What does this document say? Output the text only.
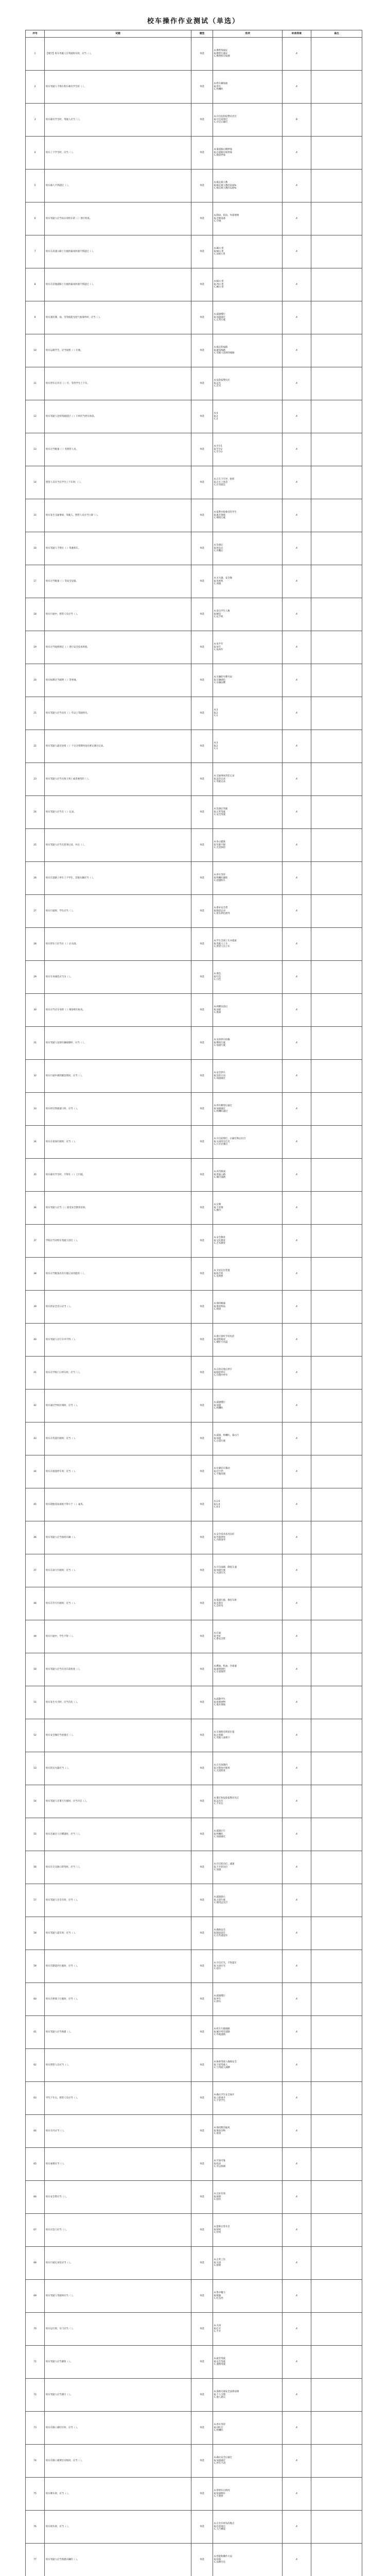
校车操作作业测试（单选）
序号	试题	题型	选项	标准答案	备注
1	【填空】校车驾驶人在驾驶校车时，应当（ ）。	单选	A.携带驾驶证
B.携带行驶证
C.携带校车标牌	A	
2	校车驾驶人不得在校车载有学生时（ ）。	单选	A.给车辆加油
B.停车
C.鸣喇叭	A	
3	校车载有学生时，驾驶人应当（ ）。	单选	A.开启危险报警闪光灯
B.开启前照灯
C.开启示廓灯	B	
4	校车上下学生时，应当（ ）。	单选	A.靠道路右侧停靠
B.在道路中间停靠
C.随意停靠	A	
5	校车载人不得超过（ ）。	单选	A.核定载人数
B.核定载人数的110%
C.核定载人数的120%	A	
6	校车驾驶人应当每日对校车的（ ）进行检查。	单选	A.制动、转向、外部照明
B.音响设备
C.空调	A	
7	校车在高速公路上行驶的最高时速不得超过（ ）。	单选	A.80公里
B.90公里
C.100公里	A	
8	校车在其他道路上行驶的最高时速不得超过（ ）。	单选	A.60公里
B.70公里
C.80公里	A	
9	校车遇有雾、雨、雪等低能见度气象条件时，应当（ ）。	单选	A.减速慢行
B.加速通过
C.正常行驶	A	
10	校车运载学生，应当按照（ ）行驶。	单选	A.核定的线路
B.最短线路
C.驾驶人选择的线路	A	
11	校车停车后开启（ ）灯，等待学生上下车。	单选	A.危险报警闪光
B.远光
C.近光	A	
12	校车驾驶人连续驾驶超过（ ）小时应当停车休息。	单选	A.4
B.3
C.2	A	
13	校车应当配备（ ）名照管人员。	单选	A.至少1
B.至少2
C.至少3	A	
14	照管人员应当在学生上下车时，（ ）。	单选	A.在车下引导、指挥
B.在车上休息
C.在驾驶室	A	
15	校车发生交通事故，驾驶人、照管人员应当立即（ ）。	单选	A.报警并抢救受伤学生
B.离开现场
C.继续行驶	A	
16	校车驾驶人不得在（ ）驾驶校车。	单选	A.饮酒后
B.休息后
C.用餐后	A	
17	校车应当配备（ ）等安全设备。	单选	A.灭火器、安全锤
B.电视机
C.冰箱	A	
18	校车行驶中，照管人员应当（ ）。	单选	A.清点学生人数
B.睡觉
C.玩手机	A	
19	校车应当按照规定（ ）进行安全技术检验。	单选	A.每半年
B.每年
C.每两年	A	
20	校车标牌应当载明（ ）等事项。	单选	A.车辆的号牌号码
B.车辆颜色
C.车辆品牌	A	
21	校车驾驶人应当具有（ ）年以上驾驶经历。	单选	A.3
B.2
C.1	A	
22	校车驾驶人最近连续（ ）个记分周期内没有被记满分记录。	单选	A.3
B.2
C.1	A	
23	校车驾驶人应当无致人死亡或者重伤的（ ）。	单选	A.交通事故责任记录
B.违章记录
C.驾驶记录	A	
24	校车驾驶人应当无（ ）记录。	单选	A.饮酒后驾驶
B.正常驾驶
C.安全驾驶	A	
25	校车驾驶人应当无犯罪记录，并且（ ）。	单选	A.身心健康
B.年龄不限
C.无需体检	A	
26	校车在道路上停车上下学生，其他车辆应当（ ）。	单选	A.停车等待
B.鸣喇叭催促
C.超越校车	A	
27	校车行驶时，学生应当（ ）。	单选	A.系好安全带
B.随意走动
C.将头伸出窗外	A	
28	校车的车门应当在（ ）后关闭。	单选	A.学生全部上车并就座
B.驾驶人上车
C.照管人员上车	A	
29	校车车身颜色应当为（ ）。	单选	A.黄色
B.红色
C.白色	A	
30	校车应当在车身的（ ）喷涂校车标识。	单选	A.两侧及前后
B.顶部
C.底部	A	
31	校车驾驶人发现车辆故障时，应当（ ）。	单选	A.及时停车检修
B.继续行驶
C.加速行驶	A	
32	校车行驶中遇到紧急情况，应当（ ）。	单选	A.安全停车
B.急转方向
C.加速通过	A	
33	校车经过铁路道口时，应当（ ）。	单选	A.停车瞭望后通过
B.加速通过
C.鸣喇叭通过	A	
34	校车在夜间行驶时，应当（ ）。	单选	A.开启前照灯、示廓灯和后位灯
B.关闭所有灯光
C.只开启雾灯	A	
35	校车载有学生时，不得在（ ）上行驶。	单选	A.冰雪路面
B.普通公路
C.城市道路	A	
36	校车驾驶人应当（ ）接受安全教育培训。	单选	A.定期
B.不需要
C.偶尔	A	
37	学校应当对校车驾驶人进行（ ）。	单选	A.安全教育
B.文化教育
C.艺术教育	A	
38	校车应当配备具有行驶记录功能的（ ）。	单选	A.卫星定位装置
B.收音机
C.电视机	A	
39	校车的安全出口应当（ ）。	单选	A.保持畅通
B.堆放物品
C.锁闭	A	
40	校车驾驶人在行车中不得（ ）。	单选	A.拨打接听手持电话
B.观察路况
C.握好方向盘	A	
41	校车在学校门口停车时，应当（ ）。	单选	A.在指定地点停车
B.随意停车
C.在路中停车	A	
42	校车通过学校区域时，应当（ ）。	单选	A.减速慢行
B.加速
C.鸣喇叭	A	
43	校车在弯道行驶时，应当（ ）。	单选	A.减速、鸣喇叭、靠右行
B.加速
C.占道行驶	A	
44	校车在坡道停车时，应当（ ）。	单选	A.拉紧驻车制动
B.挂空挡
C.不做处理	A	
45	校车轮胎花纹深度不得小于（ ）毫米。	单选	A.1.6
B.1.0
C.0.5	A	
46	校车驾驶人应当保持车辆（ ）。	单选	A.安全技术状况良好
B.外观漂亮
C.内饰豪华	A	
47	校车在雨天行驶时，应当（ ）。	单选	A.开启雨刷、降低车速
B.加速行驶
C.关闭灯光	A	
48	校车在雪天行驶时，应当（ ）。	单选	A.低速行驶、保持车距
B.急刹车
C.急转弯	A	
49	校车行驶中，学生不得（ ）。	单选	A.打闹
B.坐好
C.系安全带	A	
50	校车驾驶人应当在出车前检查（ ）。	单选	A.燃油、机油、冷却液
B.座椅颜色
C.车窗窗帘	A	
51	校车发生火灾时，应当首先（ ）。	单选	A.疏散学生
B.抢救财物
C.离开现场	A	
52	校车安全锤应当放置在（ ）。	单选	A.车窗附近明显位置
B.后备箱
C.驾驶人座椅下	A	
53	校车的灭火器应当（ ）。	单选	A.在有效期内
B.过期也可使用
C.无需检查	A	
54	校车驾驶人在雾天行驶时，应当开启（ ）。	单选	A.雾灯和危险报警闪光灯
B.远光灯
C.不开灯	A	
55	校车在通过人行横道时，应当（ ）。	单选	A.减速让行
B.鸣喇叭
C.加速通过	A	
56	校车在交叉路口转弯时，应当（ ）。	单选	A.开启转向灯、减速
B.不开转向灯
C.加速	A	
57	校车驾驶人在会车时，应当（ ）。	单选	A.减速靠右
B.占道行驶
C.使用远光灯	A	
58	校车驾驶人超车时，应当（ ）。	单选	A.确保安全
B.随意超车
C.在弯道超车	A	
59	校车在隧道内行驶时，应当（ ）。	单选	A.开启灯光、不得超车
B.关闭灯光
C.超车	A	
60	校车在桥梁上行驶时，应当（ ）。	单选	A.减速慢行
B.停车
C.掉头	A	
61	校车驾驶人应当熟悉（ ）。	单选	A.校车行驶线路
B.城市所有道路
C.外地道路	A	
62	校车照管人员应当（ ）。	单选	A.协助驾驶人确保安全
B.干扰驾驶人
C.与驾驶人闲聊	A	
63	学生下车后，照管人员应当（ ）。	单选	A.确认学生安全离开
B.立即离开
C.不管学生	A	
64	校车车内应当（ ）。	单选	A.保持整洁通风
B.堆放杂物
C.密闭	A	
65	校车座椅应当（ ）。	单选	A.牢固可靠
B.松动
C.可以拆卸	A	
66	校车安全带应当（ ）。	单选	A.完好有效
B.拆除
C.损坏	A	
67	校车应急门应当（ ）。	单选	A.能够正常开启
B.锁死
C.焊死	A	
68	校车行驶记录仪应当（ ）。	单选	A.正常工作
B.关闭
C.拆除	A	
69	校车驾驶人驾驶时应当（ ）。	单选	A.集中精力
B.吸烟
C.吃东西	A	
70	校车运行时，车门应当（ ）。	单选	A.关闭
B.打开
C.半开	A	
71	校车驾驶人应当避免（ ）。	单选	A.疲劳驾驶
B.安全驾驶
C.谨慎驾驶	A	
72	校车驾驶人应当遵守（ ）。	单选	A.道路交通安全法律法规
B.个人习惯
C.他人建议	A	
73	校车在路口遇红灯时，应当（ ）。	单选	A.停车等待
B.闯红灯
C.鸣喇叭	A	
74	校车在路口遇黄灯闪烁时，应当（ ）。	单选	A.确认安全后通过
B.加速通过
C.停车不动	A	
75	校车倒车时，应当（ ）。	单选	A.察明车后情况
B.快速倒车
C.不观察	A	
76	校车掉头时，应当（ ）。	单选	A.在允许掉头的地点
B.任意地点
C.人行横道	A	
77	校车驾驶人应当熟悉车辆的（ ）。	单选	A.性能和操作方法
B.价格
C.品牌历史	A	
